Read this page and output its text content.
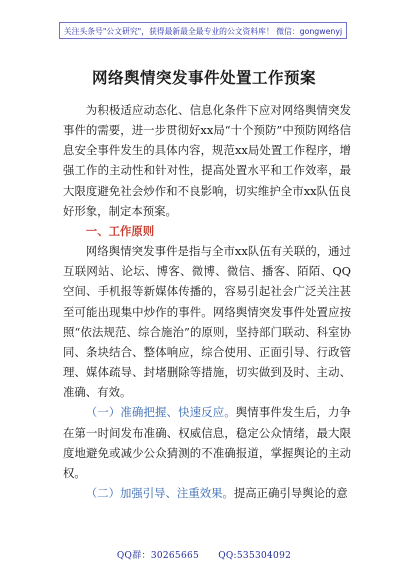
关注头条号"公文研究"，获得最新最全最专业的公文资料库！ 微信：gongwenyj
网络舆情突发事件处置工作预案

为积极适应动态化、信息化条件下应对网络舆情突发事件的需要，进一步贯彻好xx局“十个预防”中预防网络信息安全事件发生的具体内容，规范xx局处置工作程序，增强工作的主动性和针对性，提高处置水平和工作效率，最大限度避免社会炒作和不良影响，切实维护全市xx队伍良好形象，制定本预案。

一、工作原则

网络舆情突发事件是指与全市xx队伍有关联的，通过互联网站、论坛、博客、微博、微信、播客、陌陌、QQ空间、手机报等新媒体传播的，容易引起社会广泛关注甚至可能出现集中炒作的事件。网络舆情突发事件处置应按照“依法规范、综合施治”的原则，坚持部门联动、科室协同、条块结合、整体响应，综合使用、正面引导、行政管理、媒体疏导、封堵删除等措施，切实做到及时、主动、准确、有效。

（一）准确把握、快速反应。舆情事件发生后，力争在第一时间发布准确、权威信息，稳定公众情绪，最大限度地避免或减少公众猜测的不准确报道，掌握舆论的主动权。

（二）加强引导、注重效果。提高正确引导舆论的意

QQ群：30265665 QQ:535304092
